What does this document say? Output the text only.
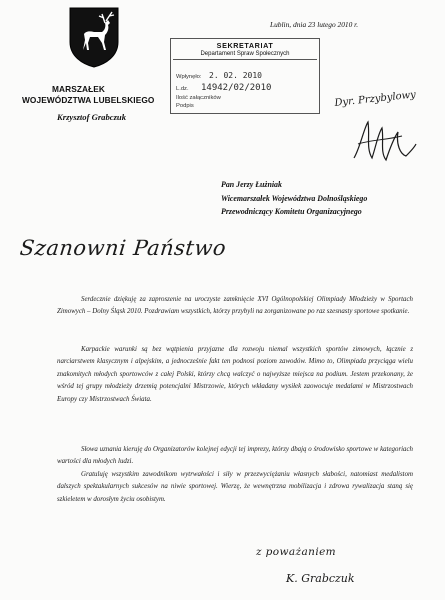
MARSZAŁEK
WOJEWÓDZTWA LUBELSKIEGO
Krzysztof Grabczuk
Lublin, dnia 23 lutego 2010 r.
SEKRETARIAT
Departament Spraw Społecznych
Wpłynęło: 2. 02. 2010
L.dz. 14942/02/2010
Ilość załączników
Podpis	Dyr. Przybylowy
Pan Jerzy Łużniak
Wicemarszałek Województwa Dolnośląskiego
Przewodniczący Komitetu Organizacyjnego
Szanowni Państwo
Serdecznie dziękuję za zaproszenie na uroczyste zamknięcie XVI Ogólnopolskiej Olimpiady Młodzieży w Sportach Zimowych – Dolny Śląsk 2010. Pozdrawiam wszystkich, którzy przybyli na zorganizowane po raz szesnasty sportowe spotkanie.
Karpackie warunki są bez wątpienia przyjazne dla rozwoju niemal wszystkich sportów zimowych, łącznie z narciarstwem klasycznym i alpejskim, a jednocześnie fakt ten podnosi poziom zawodów. Mimo to, Olimpiada przyciąga wielu znakomitych młodych sportowców z całej Polski, którzy chcą walczyć o najwyższe miejsca na podium. Jestem przekonany, że wśród tej grupy młodzieży drzemią potencjalni Mistrzowie, których wkładany wysiłek zaowocuje medalami w Mistrzostwach Europy czy Mistrzostwach Świata.
Słowa uznania kieruję do Organizatorów kolejnej edycji tej imprezy, którzy dbają o środowisko sportowe w kategoriach wartości dla młodych ludzi.
Gratuluję wszystkim zawodnikom wytrwałości i siły w przezwyciężaniu własnych słabości, natomiast medalistom dalszych spektakularnych sukcesów na niwie sportowej. Wierzę, że wewnętrzna mobilizacja i zdrowa rywalizacja staną się szkieletem w dorosłym życiu osobistym.
z poważaniem
K. Grabczuk
